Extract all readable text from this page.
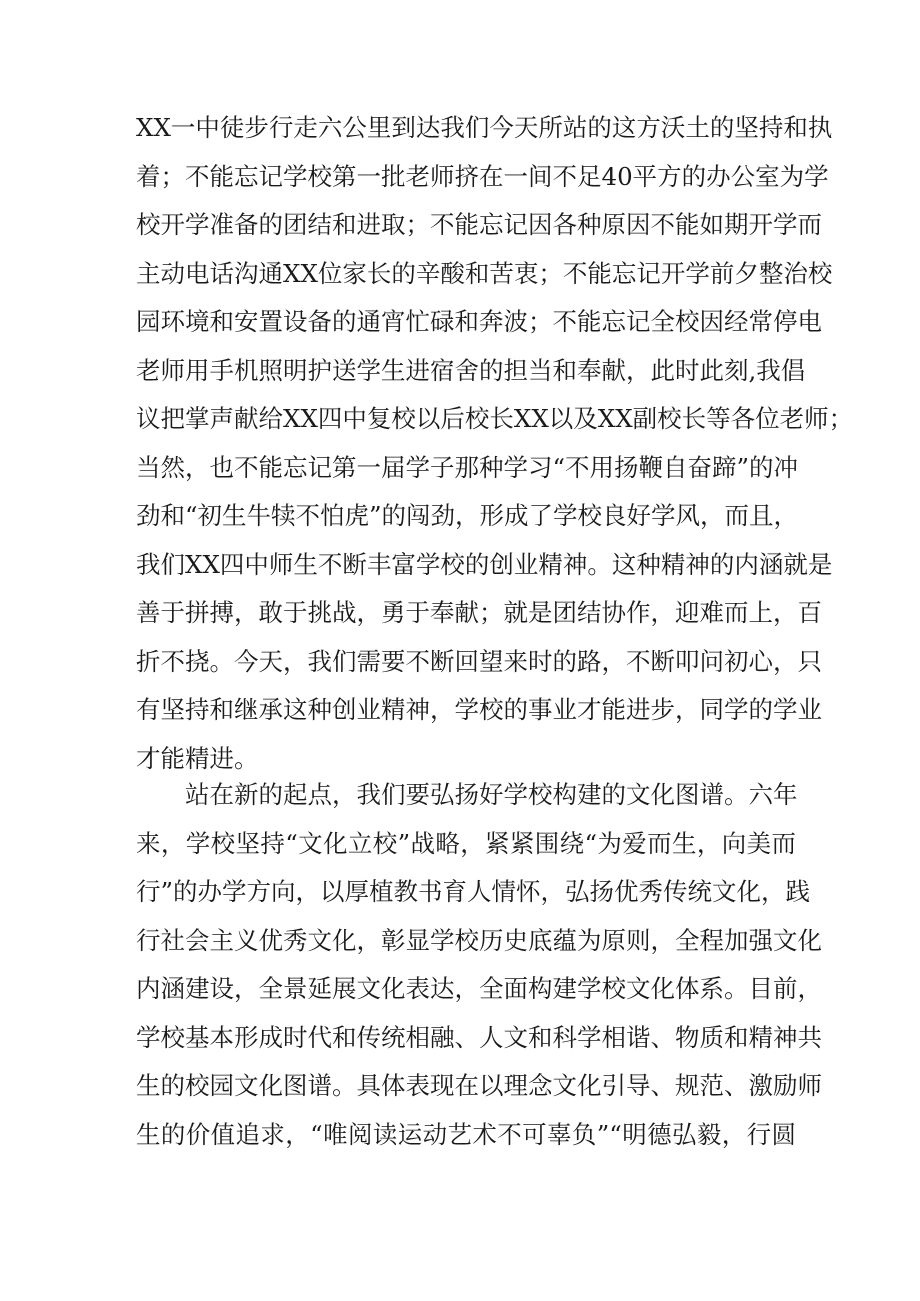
XX一中徒步行走六公里到达我们今天所站的这方沃土的坚持和执
着；不能忘记学校第一批老师挤在一间不足40平方的办公室为学
校开学准备的团结和进取；不能忘记因各种原因不能如期开学而
主动电话沟通XX位家长的辛酸和苦衷；不能忘记开学前夕整治校
园环境和安置设备的通宵忙碌和奔波；不能忘记全校因经常停电
老师用手机照明护送学生进宿舍的担当和奉献，此时此刻,我倡
议把掌声献给XX四中复校以后校长XX以及XX副校长等各位老师；
当然，也不能忘记第一届学子那种学习“不用扬鞭自奋蹄”的冲
劲和“初生牛犊不怕虎”的闯劲，形成了学校良好学风，而且，
我们XX四中师生不断丰富学校的创业精神。这种精神的内涵就是
善于拼搏，敢于挑战，勇于奉献；就是团结协作，迎难而上，百
折不挠。今天，我们需要不断回望来时的路，不断叩问初心，只
有坚持和继承这种创业精神，学校的事业才能进步，同学的学业
才能精进。
站在新的起点，我们要弘扬好学校构建的文化图谱。六年
来，学校坚持“文化立校”战略，紧紧围绕“为爱而生，向美而
行”的办学方向，以厚植教书育人情怀，弘扬优秀传统文化，践
行社会主义优秀文化，彰显学校历史底蕴为原则，全程加强文化
内涵建设，全景延展文化表达，全面构建学校文化体系。目前，
学校基本形成时代和传统相融、人文和科学相谐、物质和精神共
生的校园文化图谱。具体表现在以理念文化引导、规范、激励师
生的价值追求，“唯阅读运动艺术不可辜负”“明德弘毅，行圆
